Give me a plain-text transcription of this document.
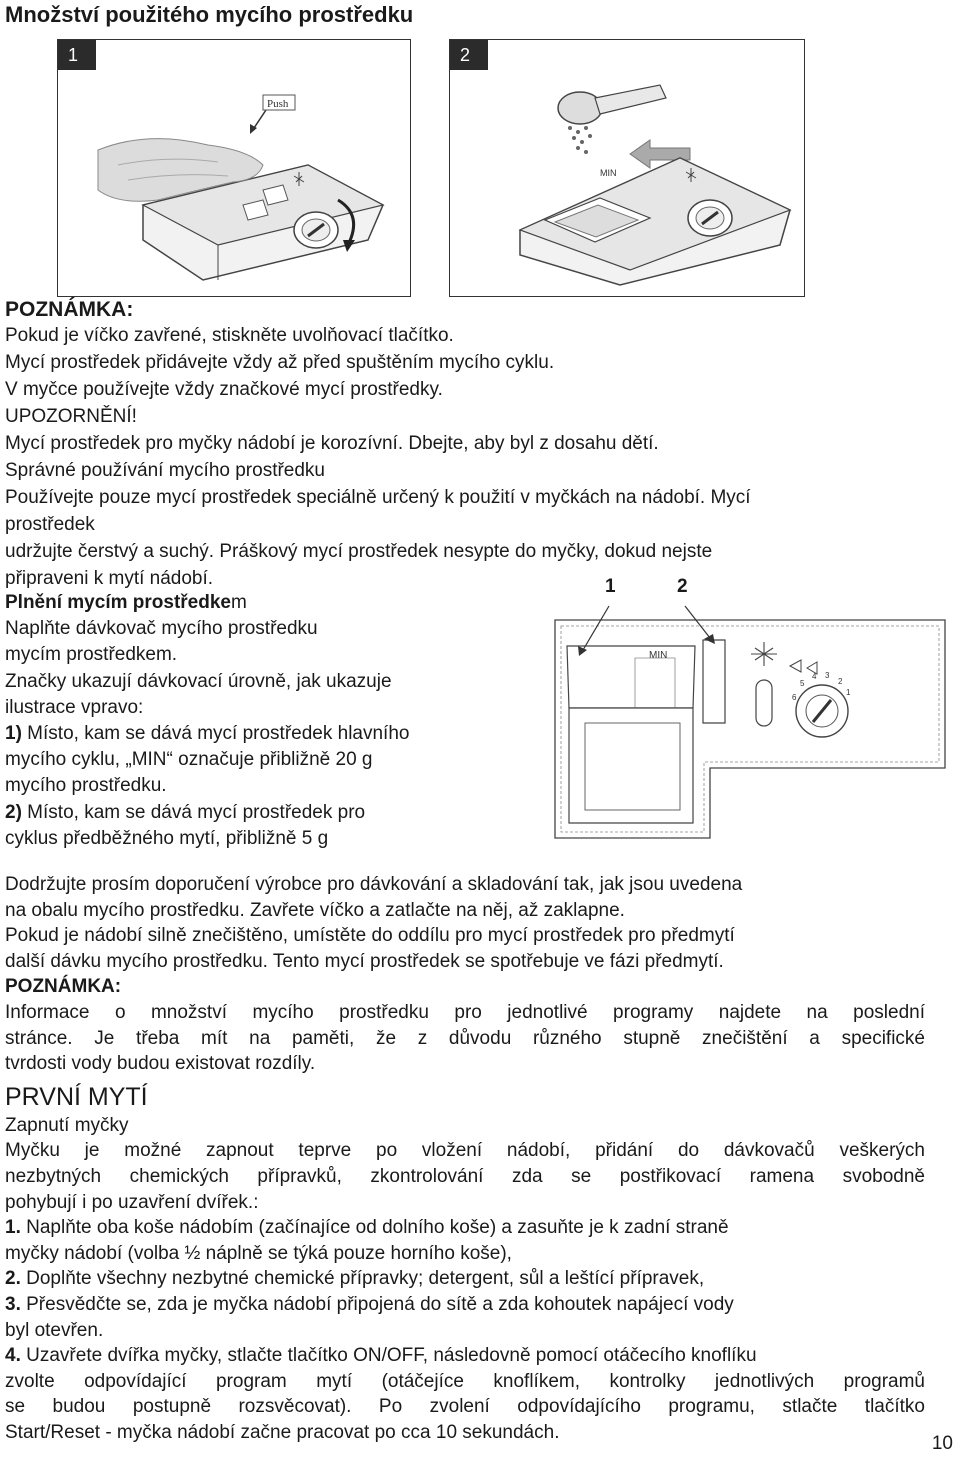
Množství použitého mycího prostředku
1
Push
2
MIN
POZNÁMKA:
Pokud je víčko zavřené, stiskněte uvolňovací tlačítko.
Mycí prostředek přidávejte vždy až před spuštěním mycího cyklu.
V myčce používejte vždy značkové mycí prostředky.
UPOZORNĚNÍ!
Mycí prostředek pro myčky nádobí je korozívní. Dbejte, aby byl z dosahu dětí.
Správné používání mycího prostředku
Používejte pouze mycí prostředek speciálně určený k použití v myčkách na nádobí. Mycí
prostředek
udržujte čerstvý a suchý. Práškový mycí prostředek nesypte do myčky, dokud nejste
připraveni k mytí nádobí.
Plnění mycím prostředkem
Naplňte dávkovač mycího prostředku
mycím prostředkem.
Značky ukazují dávkovací úrovně, jak ukazuje
ilustrace vpravo:
1) Místo, kam se dává mycí prostředek hlavního
mycího cyklu, „MIN“ označuje přibližně 20 g
mycího prostředku.
2) Místo, kam se dává mycí prostředek pro
cyklus předběžného mytí, přibližně 5 g
MIN
6
5
4 3
2
1
1	2
Dodržujte prosím doporučení výrobce pro dávkování a skladování tak, jak jsou uvedena
na obalu mycího prostředku. Zavřete víčko a zatlačte na něj, až zaklapne.
Pokud je nádobí silně znečištěno, umístěte do oddílu pro mycí prostředek pro předmytí
další dávku mycího prostředku. Tento mycí prostředek se spotřebuje ve fázi předmytí.
POZNÁMKA:
Informace o množství mycího prostředku pro jednotlivé programy najdete na poslední
stránce. Je třeba mít na paměti, že z důvodu různého stupně znečištění a specifické
tvrdosti vody budou existovat rozdíly.
PRVNÍ MYTÍ
Zapnutí myčky
Myčku je možné zapnout teprve po vložení nádobí, přidání do dávkovačů veškerých
nezbytných chemických přípravků, zkontrolování zda se postřikovací ramena svobodně
pohybují i po uzavření dvířek.:
1. Naplňte oba koše nádobím (začínajíce od dolního koše) a zasuňte je k zadní straně
myčky nádobí (volba ½ náplně se týká pouze horního koše),
2. Doplňte všechny nezbytné chemické přípravky; detergent, sůl a leštící přípravek,
3. Přesvědčte se, zda je myčka nádobí připojená do sítě a zda kohoutek napájecí vody
byl otevřen.
4. Uzavřete dvířka myčky, stlačte tlačítko ON/OFF, následovně pomocí otáčecího knoflíku
zvolte odpovídající program mytí (otáčejíce knoflíkem, kontrolky jednotlivých programů
se budou postupně rozsvěcovat). Po zvolení odpovídajícího programu, stlačte tlačítko
Start/Reset - myčka nádobí začne pracovat po cca 10 sekundách.
10
